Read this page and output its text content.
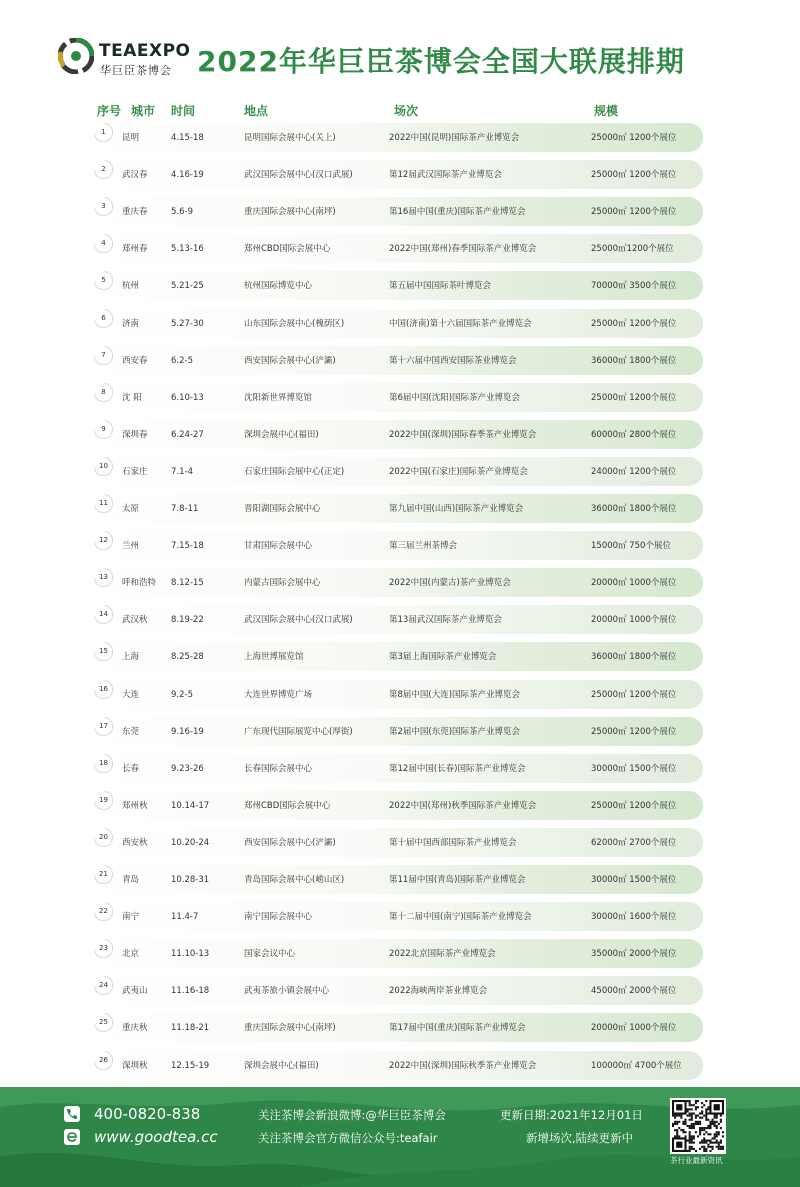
TEAEXPO
华巨臣茶博会 2022年华巨臣茶博会全国大联展排期
序号 城市 时间	地点	场次	规模
1
昆明	4.15-18	昆明国际会展中心(关上)	2022中国(昆明)国际茶产业博览会	25000㎡ 1200个展位
2
武汉春	4.16-19	武汉国际会展中心(汉口武展)	第12届武汉国际茶产业博览会	25000㎡ 1200个展位
3
重庆春	5.6-9	重庆国际会展中心(南坪)	第16届中国(重庆)国际茶产业博览会	25000㎡ 1200个展位
4
郑州春	5.13-16	郑州CBD国际会展中心	2022中国(郑州)春季国际茶产业博览会	25000㎡1200个展位
5
杭州	5.21-25	杭州国际博览中心	第五届中国国际茶叶博览会	70000㎡ 3500个展位
6
济南	5.27-30	山东国际会展中心(槐荫区)	中国(济南)第十六届国际茶产业博览会	25000㎡ 1200个展位
7
西安春	6.2-5	西安国际会展中心(浐灞)	第十六届中国西安国际茶业博览会	36000㎡ 1800个展位
8
沈 阳	6.10-13	沈阳新世界博览馆	第6届中国(沈阳)国际茶产业博览会	25000㎡ 1200个展位
9
深圳春	6.24-27	深圳会展中心(福田)	2022中国(深圳)国际春季茶产业博览会	60000㎡ 2800个展位
10
石家庄	7.1-4	石家庄国际会展中心(正定)	2022中国(石家庄)国际茶产业博览会	24000㎡ 1200个展位
11
太原	7.8-11	晋阳湖国际会展中心	第九届中国(山西)国际茶产业博览会	36000㎡ 1800个展位
12
兰州	7.15-18	甘肃国际会展中心	第三届兰州茶博会	15000㎡ 750个展位
13
呼和浩特 8.12-15	内蒙古国际会展中心	2022中国(内蒙古)茶产业博览会	20000㎡ 1000个展位
14
武汉秋	8.19-22	武汉国际会展中心(汉口武展)	第13届武汉国际茶产业博览会	20000㎡ 1000个展位
15
上海	8.25-28	上海世博展览馆	第3届上海国际茶产业博览会	36000㎡ 1800个展位
16
大连	9.2-5	大连世界博览广场	第8届中国(大连)国际茶产业博览会	25000㎡ 1200个展位
17
东莞	9.16-19	广东现代国际展览中心(厚街)	第2届中国(东莞)国际茶产业博览会	25000㎡ 1200个展位
18
长春	9.23-26	长春国际会展中心	第12届中国(长春)国际茶产业博览会	30000㎡ 1500个展位
19
郑州秋	10.14-17	郑州CBD国际会展中心	2022中国(郑州)秋季国际茶产业博览会	25000㎡ 1200个展位
20
西安秋	10.20-24	西安国际会展中心(浐灞)	第十届中国西部国际茶产业博览会	62000㎡ 2700个展位
21
青岛	10.28-31	青岛国际会展中心(崂山区)	第11届中国(青岛)国际茶产业博览会	30000㎡ 1500个展位
22
南宁	11.4-7	南宁国际会展中心	第十二届中国(南宁)国际茶产业博览会	30000㎡ 1600个展位
23
北京	11.10-13	国家会议中心	2022北京国际茶产业博览会	35000㎡ 2000个展位
24
武夷山	11.16-18	武夷茶旅小镇会展中心	2022海峡两岸茶业博览会	45000㎡ 2000个展位
25
重庆秋	11.18-21	重庆国际会展中心(南坪)	第17届中国(重庆)国际茶产业博览会	20000㎡ 1000个展位
26
深圳秋	12.15-19	深圳会展中心(福田)	2022中国(深圳)国际秋季茶产业博览会	100000㎡ 4700个展位
400-0820-838
www.goodtea.cc
关注茶博会新浪微博:@华巨臣茶博会
关注茶博会官方微信公众号:teafair
更新日期:2021年12月01日
新增场次,陆续更新中
茶行业最新资讯
